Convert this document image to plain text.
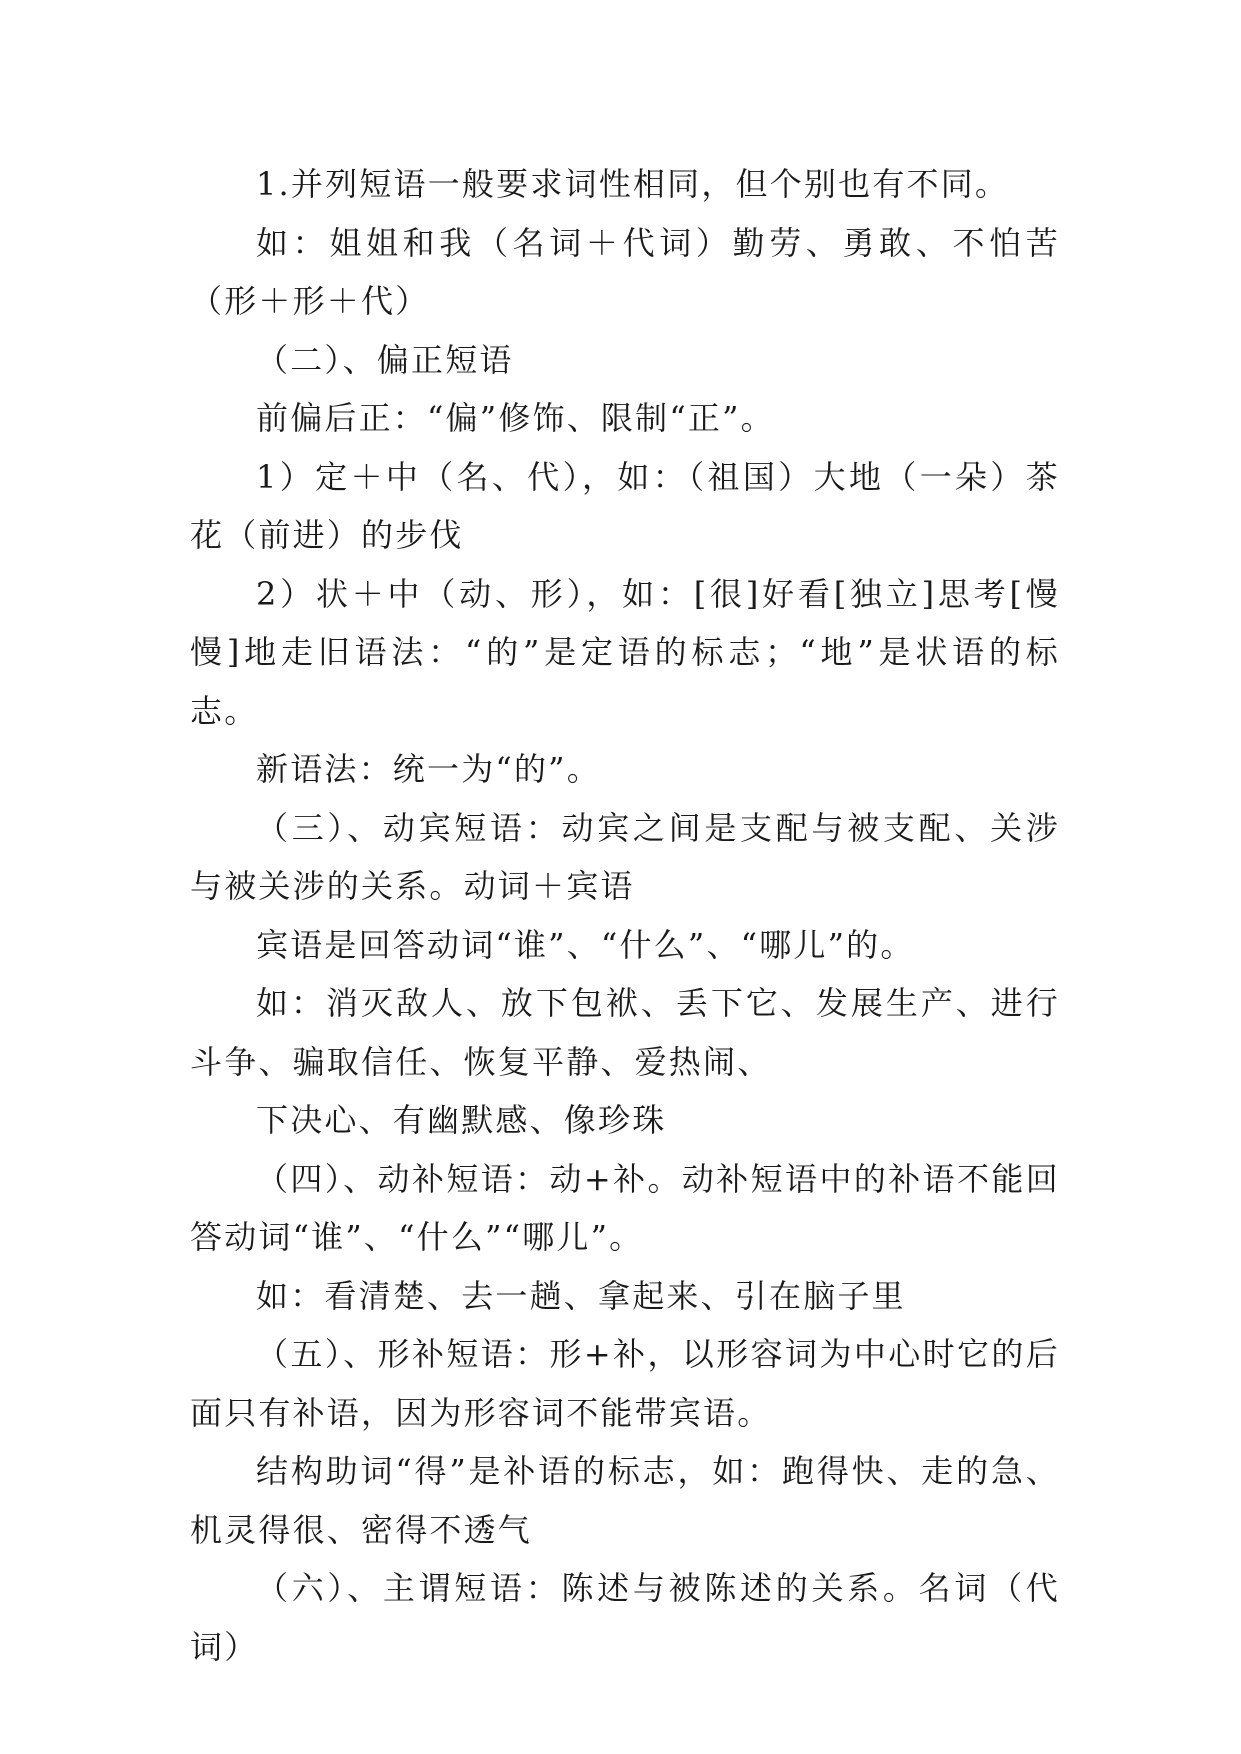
1.并列短语一般要求词性相同，但个别也有不同。

如：姐姐和我（名词＋代词）勤劳、勇敢、不怕苦（形＋形＋代）

（二）、偏正短语

前偏后正：“偏”修饰、限制“正”。

1）定＋中（名、代），如：（祖国）大地（一朵）茶花（前进）的步伐

2）状＋中（动、形），如：[很]好看[独立]思考[慢慢]地走旧语法：“的”是定语的标志；“地”是状语的标志。

新语法：统一为“的”。

（三）、动宾短语：动宾之间是支配与被支配、关涉与被关涉的关系。动词＋宾语

宾语是回答动词“谁”、“什么”、“哪儿”的。

如：消灭敌人、放下包袱、丢下它、发展生产、进行斗争、骗取信任、恢复平静、爱热闹、

下决心、有幽默感、像珍珠

（四）、动补短语：动+补。动补短语中的补语不能回答动词“谁”、“什么”“哪儿”。

如：看清楚、去一趟、拿起来、引在脑子里

（五）、形补短语：形+补，以形容词为中心时它的后面只有补语，因为形容词不能带宾语。

结构助词“得”是补语的标志，如：跑得快、走的急、机灵得很、密得不透气

（六）、主谓短语：陈述与被陈述的关系。名词（代词）
